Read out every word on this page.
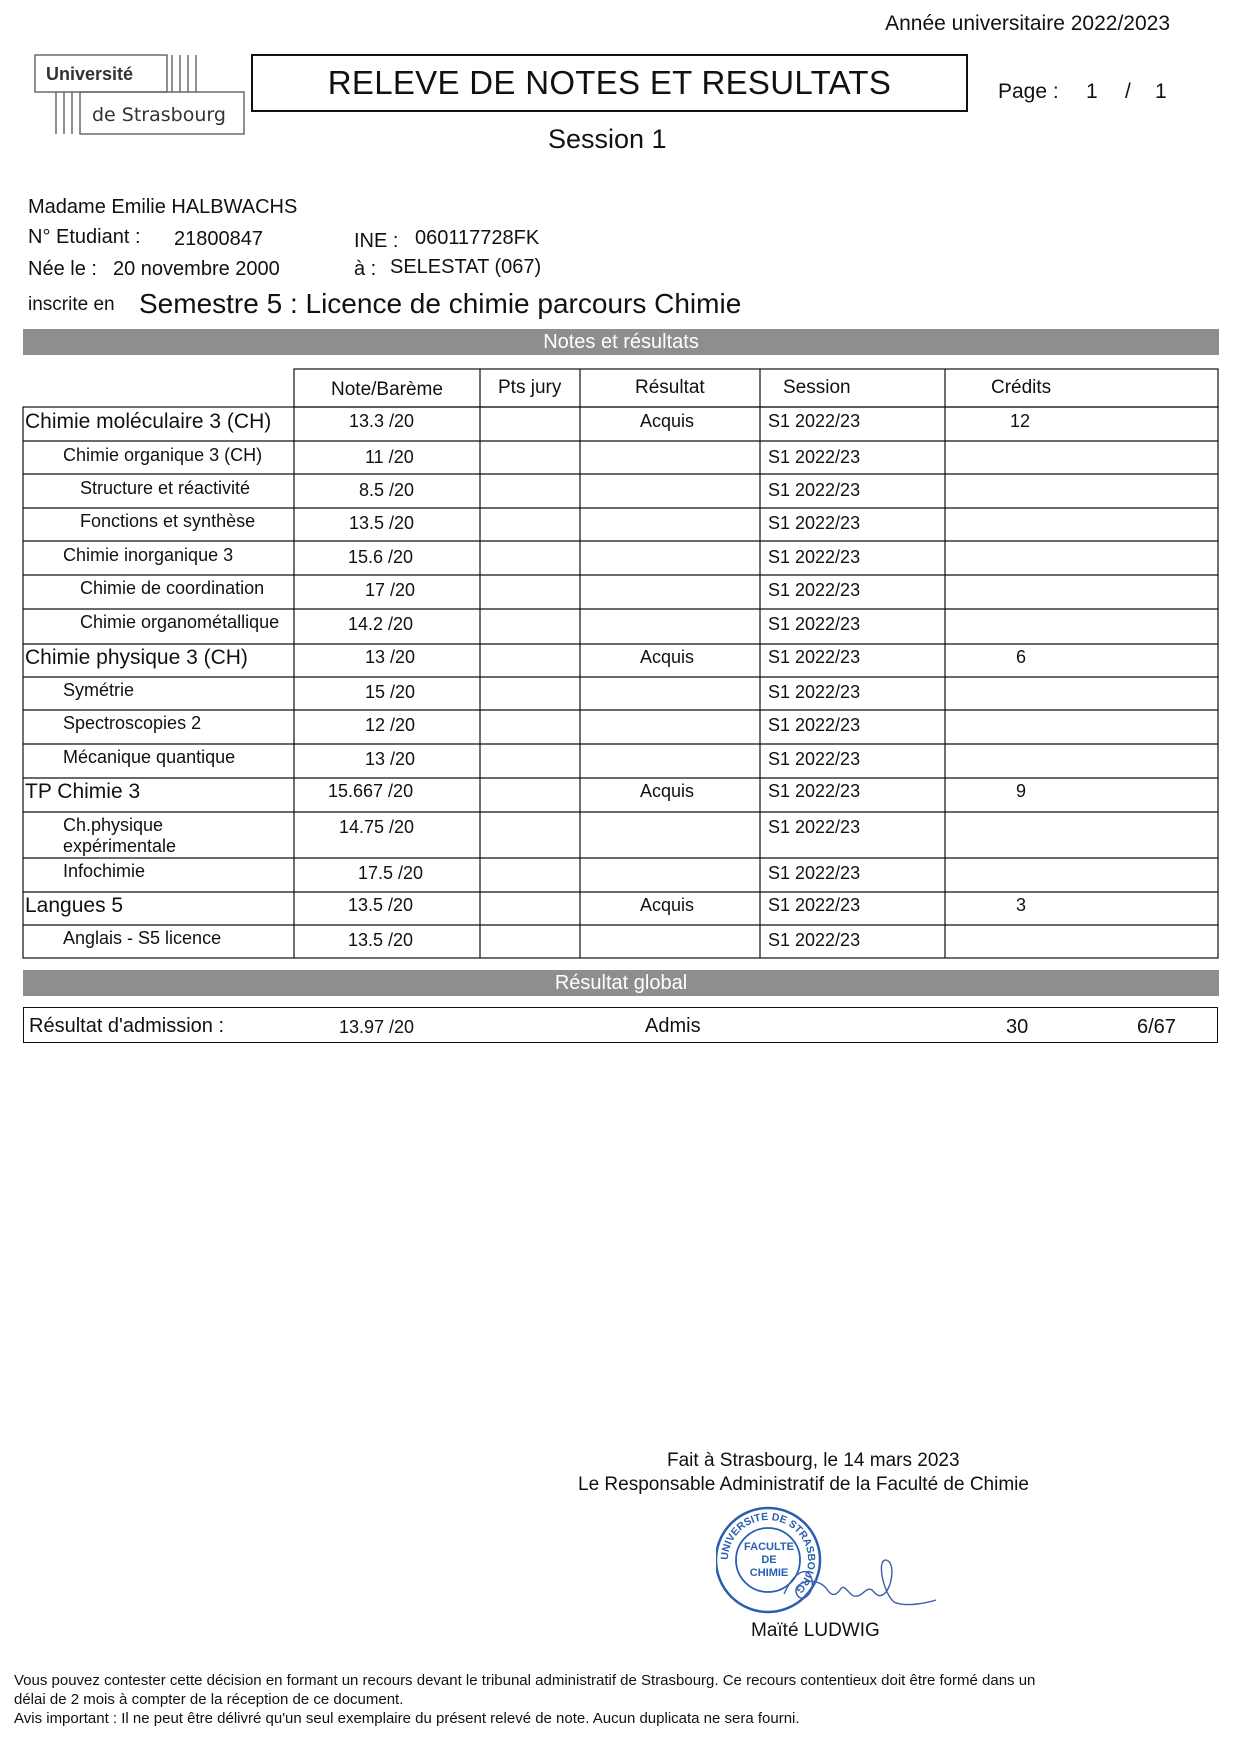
Année universitaire 2022/2023
Université
de Strasbourg
RELEVE DE NOTES ET RESULTATS	Page : 1 / 1
Session 1
Madame Emilie HALBWACHS
N° Etudiant : 21800847	INE : 060117728FK
Née le : 20 novembre 2000	à : SELESTAT (067)
inscrite en Semestre 5 : Licence de chimie parcours Chimie
Notes et résultats
Note/Barème	Pts jury	Résultat	Session	Crédits
Chimie moléculaire 3 (CH)	13.3 /20	Acquis	S1 2022/23	12
Chimie organique 3 (CH)	11 /20	S1 2022/23
Structure et réactivité	8.5 /20	S1 2022/23
Fonctions et synthèse	13.5 /20	S1 2022/23
Chimie inorganique 3	15.6 /20	S1 2022/23
Chimie de coordination	17 /20	S1 2022/23
Chimie organométallique	14.2 /20	S1 2022/23
Chimie physique 3 (CH)	13 /20	Acquis	S1 2022/23	6
Symétrie	15 /20	S1 2022/23
Spectroscopies 2	12 /20	S1 2022/23
Mécanique quantique	13 /20	S1 2022/23
TP Chimie 3	15.667 /20	Acquis	S1 2022/23	9
Ch.physique
expérimentale
14.75 /20	S1 2022/23
Infochimie	17.5 /20	S1 2022/23
Langues 5	13.5 /20	Acquis	S1 2022/23	3
Anglais - S5 licence	13.5 /20	S1 2022/23
Résultat global
Résultat d'admission :	13.97 /20	Admis	30	6/67
Fait à Strasbourg, le 14 mars 2023
Le Responsable Administratif de la Faculté de Chimie
UNIVERSITE DE STRASBOURG
FACULTE
DE
CHIMIE
Maïté LUDWIG
Vous pouvez contester cette décision en formant un recours devant le tribunal administratif de Strasbourg. Ce recours contentieux doit être formé dans un
délai de 2 mois à compter de la réception de ce document.
Avis important : Il ne peut être délivré qu'un seul exemplaire du présent relevé de note. Aucun duplicata ne sera fourni.
